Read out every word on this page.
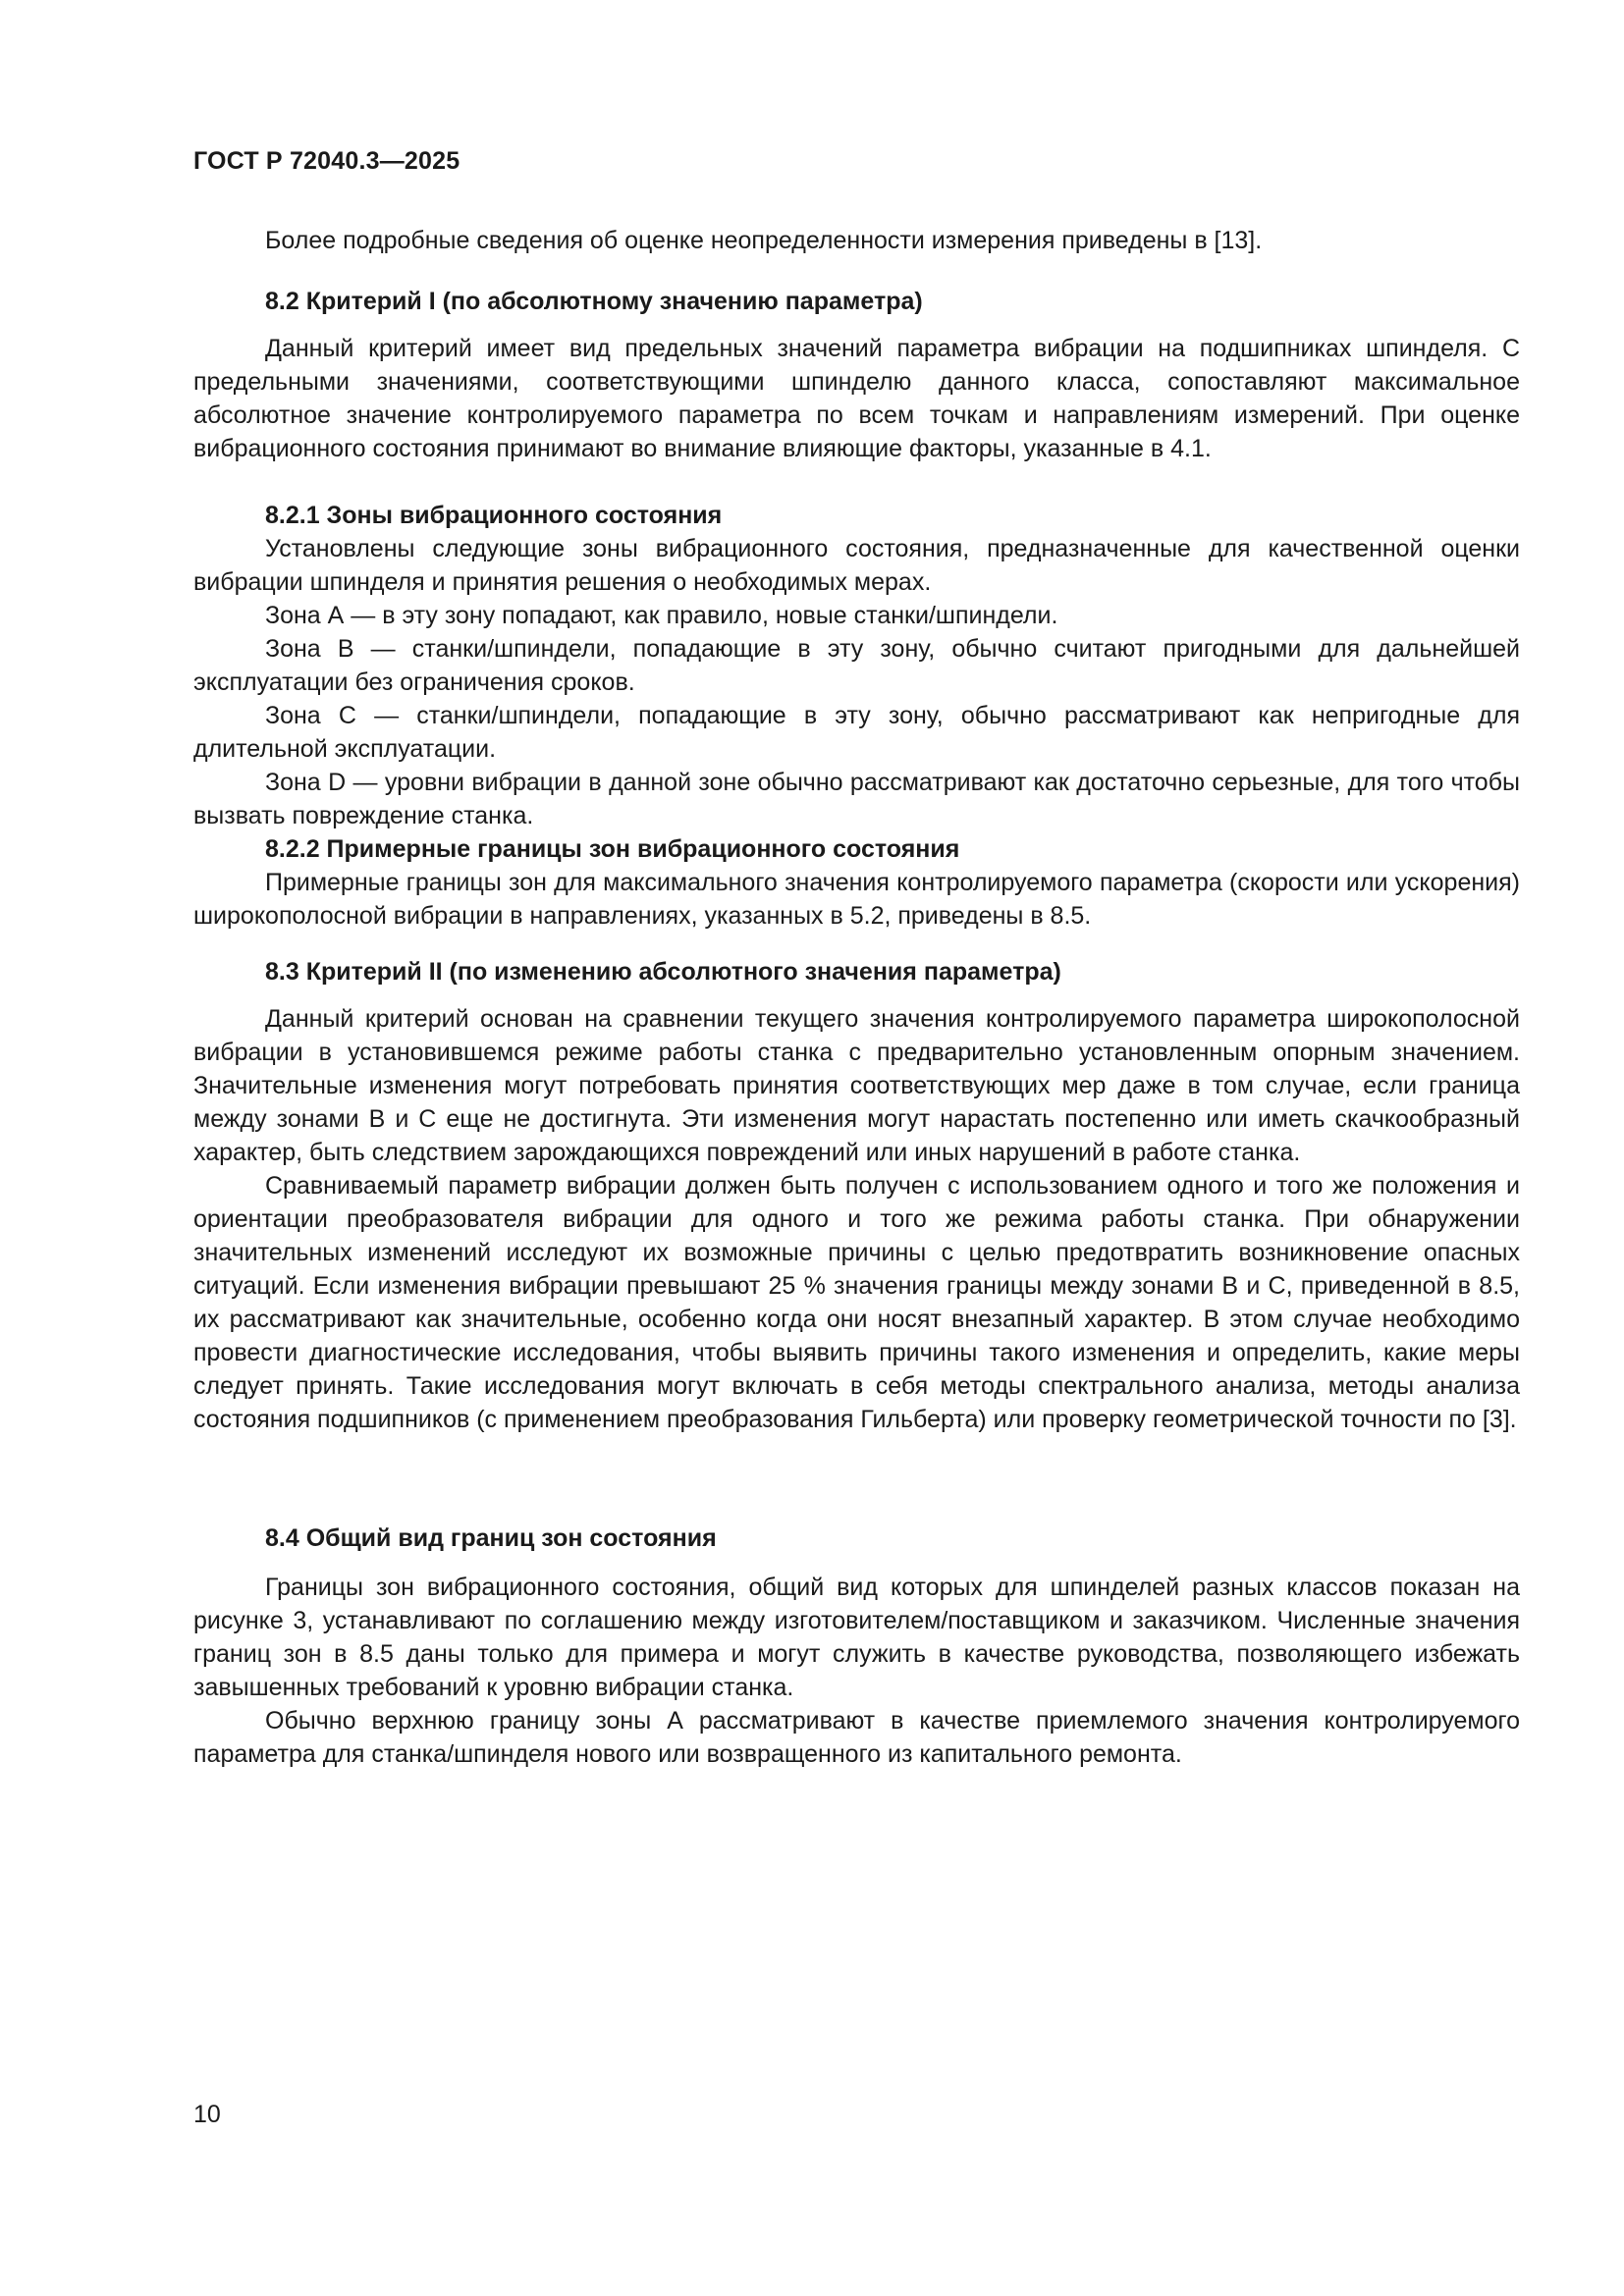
ГОСТ Р 72040.3—2025

Более подробные сведения об оценке неопределенности измерения приведены в [13].

8.2 Критерий I (по абсолютному значению параметра)

Данный критерий имеет вид предельных значений параметра вибрации на подшипниках шпинделя. С предельными значениями, соответствующими шпинделю данного класса, сопоставляют максимальное абсолютное значение контролируемого параметра по всем точкам и направлениям измерений. При оценке вибрационного состояния принимают во внимание влияющие факторы, указанные в 4.1.

8.2.1 Зоны вибрационного состояния

Установлены следующие зоны вибрационного состояния, предназначенные для качественной оценки вибрации шпинделя и принятия решения о необходимых мерах.

Зона А — в эту зону попадают, как правило, новые станки/шпиндели.

Зона В — станки/шпиндели, попадающие в эту зону, обычно считают пригодными для дальнейшей эксплуатации без ограничения сроков.

Зона С — станки/шпиндели, попадающие в эту зону, обычно рассматривают как непригодные для длительной эксплуатации.

Зона D — уровни вибрации в данной зоне обычно рассматривают как достаточно серьезные, для того чтобы вызвать повреждение станка.

8.2.2 Примерные границы зон вибрационного состояния

Примерные границы зон для максимального значения контролируемого параметра (скорости или ускорения) широкополосной вибрации в направлениях, указанных в 5.2, приведены в 8.5.

8.3 Критерий II (по изменению абсолютного значения параметра)

Данный критерий основан на сравнении текущего значения контролируемого параметра широкополосной вибрации в установившемся режиме работы станка с предварительно установленным опорным значением. Значительные изменения могут потребовать принятия соответствующих мер даже в том случае, если граница между зонами В и С еще не достигнута. Эти изменения могут нарастать постепенно или иметь скачкообразный характер, быть следствием зарождающихся повреждений или иных нарушений в работе станка.

Сравниваемый параметр вибрации должен быть получен с использованием одного и того же положения и ориентации преобразователя вибрации для одного и того же режима работы станка. При обнаружении значительных изменений исследуют их возможные причины с целью предотвратить возникновение опасных ситуаций. Если изменения вибрации превышают 25 % значения границы между зонами В и С, приведенной в 8.5, их рассматривают как значительные, особенно когда они носят внезапный характер. В этом случае необходимо провести диагностические исследования, чтобы выявить причины такого изменения и определить, какие меры следует принять. Такие исследования могут включать в себя методы спектрального анализа, методы анализа состояния подшипников (с применением преобразования Гильберта) или проверку геометрической точности по [3].

8.4 Общий вид границ зон состояния

Границы зон вибрационного состояния, общий вид которых для шпинделей разных классов показан на рисунке 3, устанавливают по соглашению между изготовителем/поставщиком и заказчиком. Численные значения границ зон в 8.5 даны только для примера и могут служить в качестве руководства, позволяющего избежать завышенных требований к уровню вибрации станка.

Обычно верхнюю границу зоны А рассматривают в качестве приемлемого значения контролируемого параметра для станка/шпинделя нового или возвращенного из капитального ремонта.

10
